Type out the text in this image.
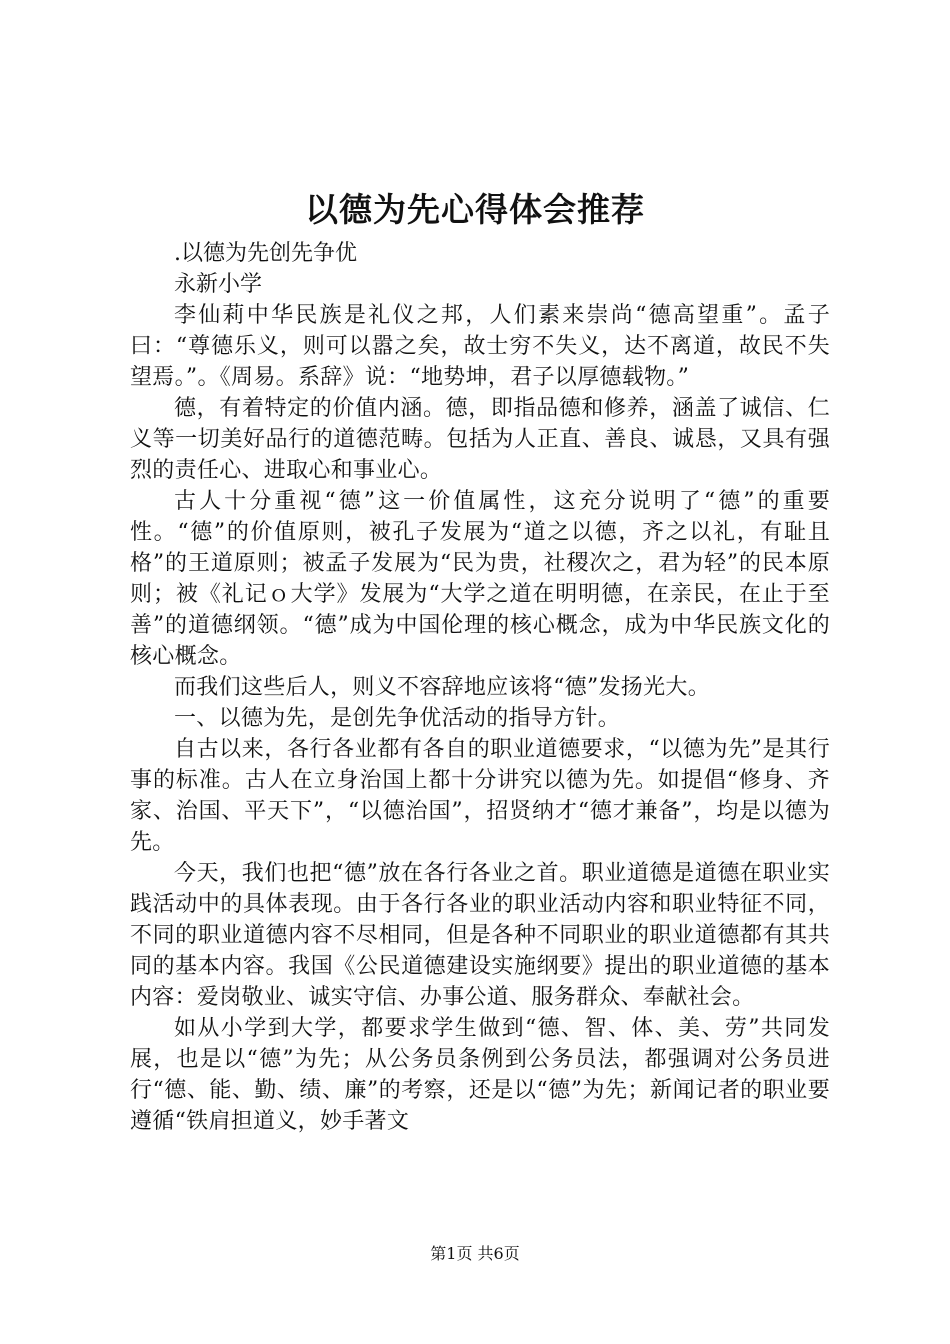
以德为先心得体会推荐

.以德为先创先争优

永新小学

李仙莉中华民族是礼仪之邦，人们素来崇尚“德高望重”。孟子曰：“尊德乐义，则可以嚣之矣，故士穷不失义，达不离道，故民不失望焉。”。《周易。系辞》说：“地势坤，君子以厚德载物。”

德，有着特定的价值内涵。德，即指品德和修养，涵盖了诚信、仁义等一切美好品行的道德范畴。包括为人正直、善良、诚恳，又具有强烈的责任心、进取心和事业心。

古人十分重视“德”这一价值属性，这充分说明了“德”的重要性。“德”的价值原则，被孔子发展为“道之以德，齐之以礼，有耻且格”的王道原则；被孟子发展为“民为贵，社稷次之，君为轻”的民本原则；被《礼记ｏ大学》发展为“大学之道在明明德，在亲民，在止于至善”的道德纲领。“德”成为中国伦理的核心概念，成为中华民族文化的核心概念。

而我们这些后人，则义不容辞地应该将“德”发扬光大。

一、以德为先，是创先争优活动的指导方针。

自古以来，各行各业都有各自的职业道德要求，“以德为先”是其行事的标准。古人在立身治国上都十分讲究以德为先。如提倡“修身、齐家、治国、平天下”，“以德治国”，招贤纳才“德才兼备”，均是以德为先。

今天，我们也把“德”放在各行各业之首。职业道德是道德在职业实践活动中的具体表现。由于各行各业的职业活动内容和职业特征不同，不同的职业道德内容不尽相同，但是各种不同职业的职业道德都有其共同的基本内容。我国《公民道德建设实施纲要》提出的职业道德的基本内容：爱岗敬业、诚实守信、办事公道、服务群众、奉献社会。

如从小学到大学，都要求学生做到“德、智、体、美、劳”共同发展，也是以“德”为先；从公务员条例到公务员法，都强调对公务员进行“德、能、勤、绩、廉”的考察，还是以“德”为先；新闻记者的职业要遵循“铁肩担道义，妙手著文

第1页 共6页
